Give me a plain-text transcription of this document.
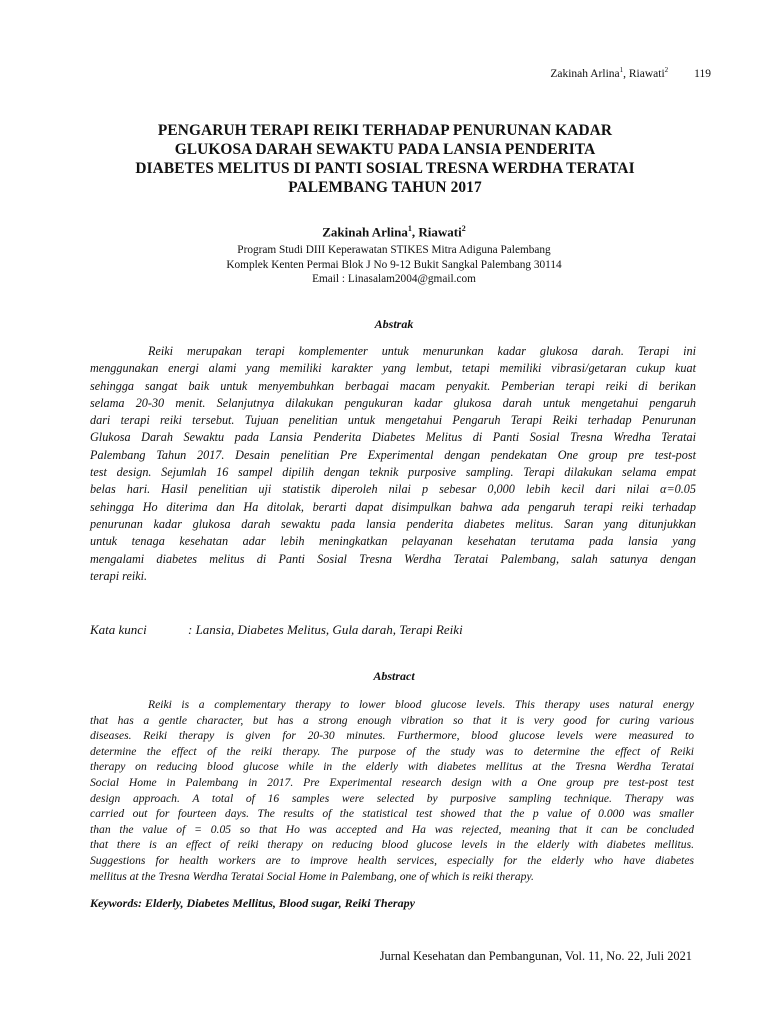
Zakinah Arlina$^1$, Riawati$^2$ 119
PENGARUH TERAPI REIKI TERHADAP PENURUNAN KADAR
GLUKOSA DARAH SEWAKTU PADA LANSIA PENDERITA
DIABETES MELITUS DI PANTI SOSIAL TRESNA WERDHA TERATAI
PALEMBANG TAHUN 2017
Zakinah Arlina$^1$, Riawati$^2$
Program Studi DIII Keperawatan STIKES Mitra Adiguna Palembang
Komplek Kenten Permai Blok J No 9-12 Bukit Sangkal Palembang 30114
Email : Linasalam2004@gmail.com
Abstrak
Reiki merupakan terapi komplementer untuk menurunkan kadar glukosa darah. Terapi ini
menggunakan energi alami yang memiliki karakter yang lembut, tetapi memiliki vibrasi/getaran cukup kuat
sehingga sangat baik untuk menyembuhkan berbagai macam penyakit. Pemberian terapi reiki di berikan
selama 20-30 menit. Selanjutnya dilakukan pengukuran kadar glukosa darah untuk mengetahui pengaruh
dari terapi reiki tersebut. Tujuan penelitian untuk mengetahui Pengaruh Terapi Reiki terhadap Penurunan
Glukosa Darah Sewaktu pada Lansia Penderita Diabetes Melitus di Panti Sosial Tresna Wredha Teratai
Palembang Tahun 2017. Desain penelitian Pre Experimental dengan pendekatan One group pre test-post
test design. Sejumlah 16 sampel dipilih dengan teknik purposive sampling. Terapi dilakukan selama empat
belas hari. Hasil penelitian uji statistik diperoleh nilai p sebesar 0,000 lebih kecil dari nilai α=0.05
sehingga Ho diterima dan Ha ditolak, berarti dapat disimpulkan bahwa ada pengaruh terapi reiki terhadap
penurunan kadar glukosa darah sewaktu pada lansia penderita diabetes melitus. Saran yang ditunjukkan
untuk tenaga kesehatan adar lebih meningkatkan pelayanan kesehatan terutama pada lansia yang
mengalami diabetes melitus di Panti Sosial Tresna Werdha Teratai Palembang, salah satunya dengan
terapi reiki.
Kata kunci	: Lansia, Diabetes Melitus, Gula darah, Terapi Reiki
Abstract
Reiki is a complementary therapy to lower blood glucose levels. This therapy uses natural energy
that has a gentle character, but has a strong enough vibration so that it is very good for curing various
diseases. Reiki therapy is given for 20-30 minutes. Furthermore, blood glucose levels were measured to
determine the effect of the reiki therapy. The purpose of the study was to determine the effect of Reiki
therapy on reducing blood glucose while in the elderly with diabetes mellitus at the Tresna Werdha Teratai
Social Home in Palembang in 2017. Pre Experimental research design with a One group pre test-post test
design approach. A total of 16 samples were selected by purposive sampling technique. Therapy was
carried out for fourteen days. The results of the statistical test showed that the p value of 0.000 was smaller
than the value of = 0.05 so that Ho was accepted and Ha was rejected, meaning that it can be concluded
that there is an effect of reiki therapy on reducing blood glucose levels in the elderly with diabetes mellitus.
Suggestions for health workers are to improve health services, especially for the elderly who have diabetes
mellitus at the Tresna Werdha Teratai Social Home in Palembang, one of which is reiki therapy.
Keywords: Elderly, Diabetes Mellitus, Blood sugar, Reiki Therapy
Jurnal Kesehatan dan Pembangunan, Vol. 11, No. 22, Juli 2021
